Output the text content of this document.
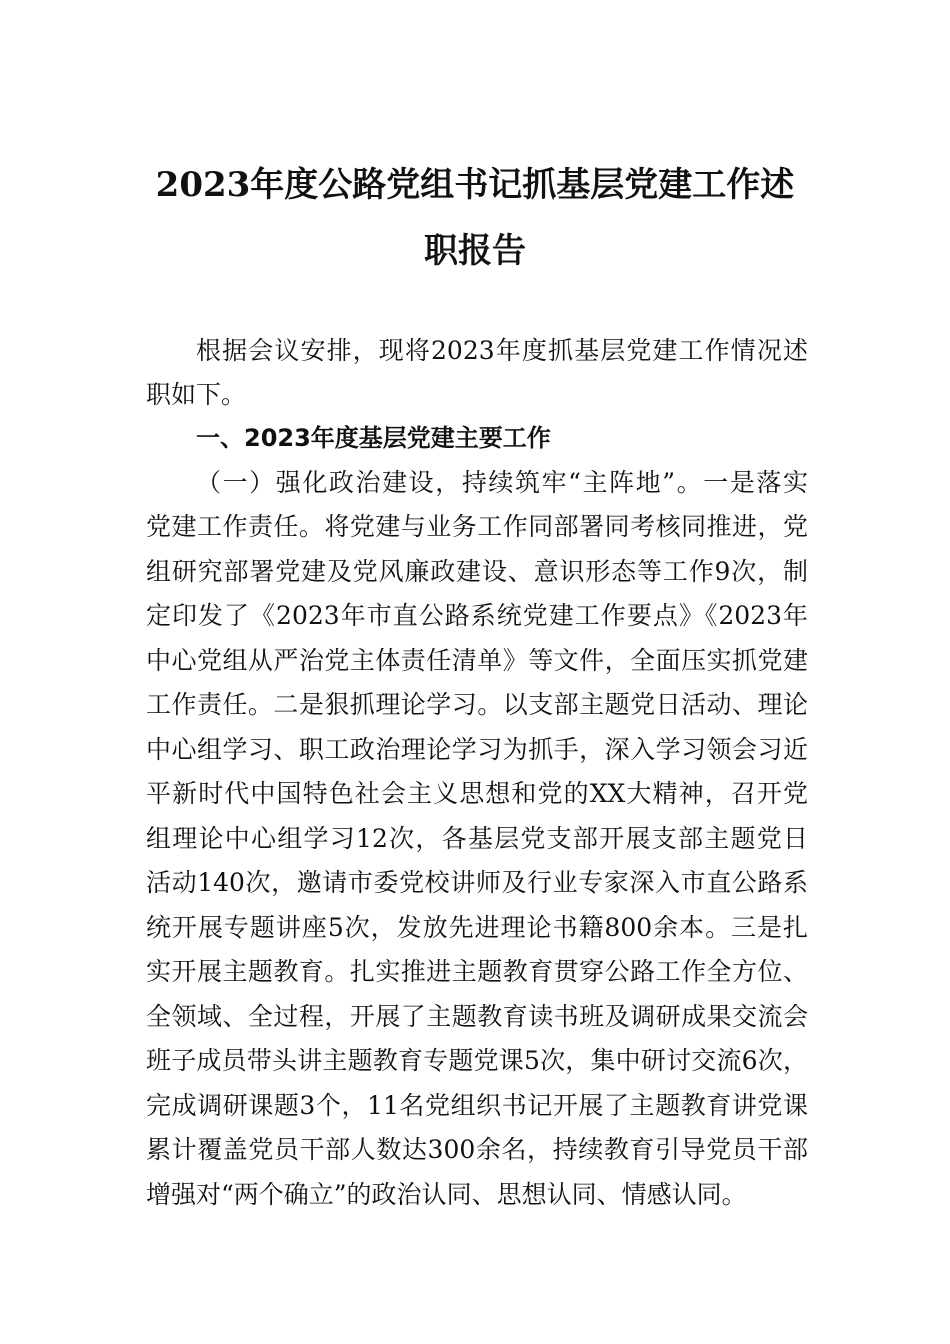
2023年度公路党组书记抓基层党建工作述
职报告

根据会议安排，现将2023年度抓基层党建工作情况述

职如下。

一、2023年度基层党建主要工作

（一）强化政治建设，持续筑牢“主阵地”。一是落实

党建工作责任。将党建与业务工作同部署同考核同推进，党

组研究部署党建及党风廉政建设、意识形态等工作9次，制

定印发了《2023年市直公路系统党建工作要点》《2023年

中心党组从严治党主体责任清单》等文件，全面压实抓党建

工作责任。二是狠抓理论学习。以支部主题党日活动、理论

中心组学习、职工政治理论学习为抓手，深入学习领会习近

平新时代中国特色社会主义思想和党的XX大精神，召开党

组理论中心组学习12次，各基层党支部开展支部主题党日

活动140次，邀请市委党校讲师及行业专家深入市直公路系

统开展专题讲座5次，发放先进理论书籍800余本。三是扎

实开展主题教育。扎实推进主题教育贯穿公路工作全方位、

全领域、全过程，开展了主题教育读书班及调研成果交流会

班子成员带头讲主题教育专题党课5次，集中研讨交流6次，

完成调研课题3个，11名党组织书记开展了主题教育讲党课

累计覆盖党员干部人数达300余名，持续教育引导党员干部

增强对“两个确立”的政治认同、思想认同、情感认同。
